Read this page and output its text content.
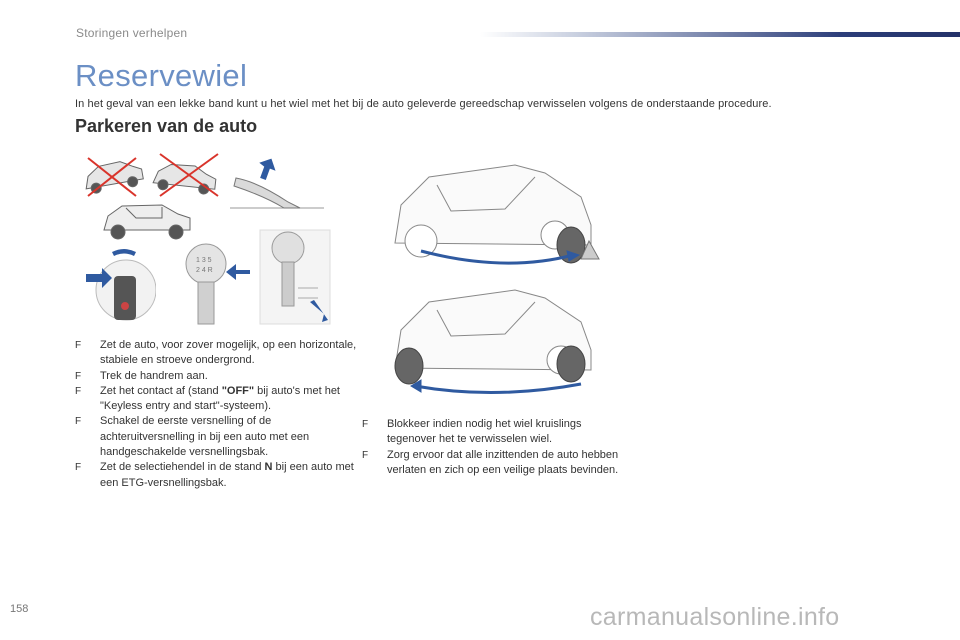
Storingen verhelpen
Reservewiel

In het geval van een lekke band kunt u het wiel met het bij de auto geleverde gereedschap verwisselen volgens de onderstaande procedure.

Parkeren van de auto
1 3 5
2 4 R
F Zet de auto, voor zover mogelijk, op een horizontale, stabiele en stroeve ondergrond.
F Trek de handrem aan.
F Zet het contact af (stand "OFF" bij auto's met het "Keyless entry and start"-systeem).
F Schakel de eerste versnelling of de achteruitversnelling in bij een auto met een handgeschakelde versnellingsbak.
F Zet de selectiehendel in de stand N bij een auto met een ETG-versnellingsbak.
F Blokkeer indien nodig het wiel kruislings tegenover het te verwisselen wiel.
F Zorg ervoor dat alle inzittenden de auto hebben verlaten en zich op een veilige plaats bevinden.
158	carmanualsonline.info
